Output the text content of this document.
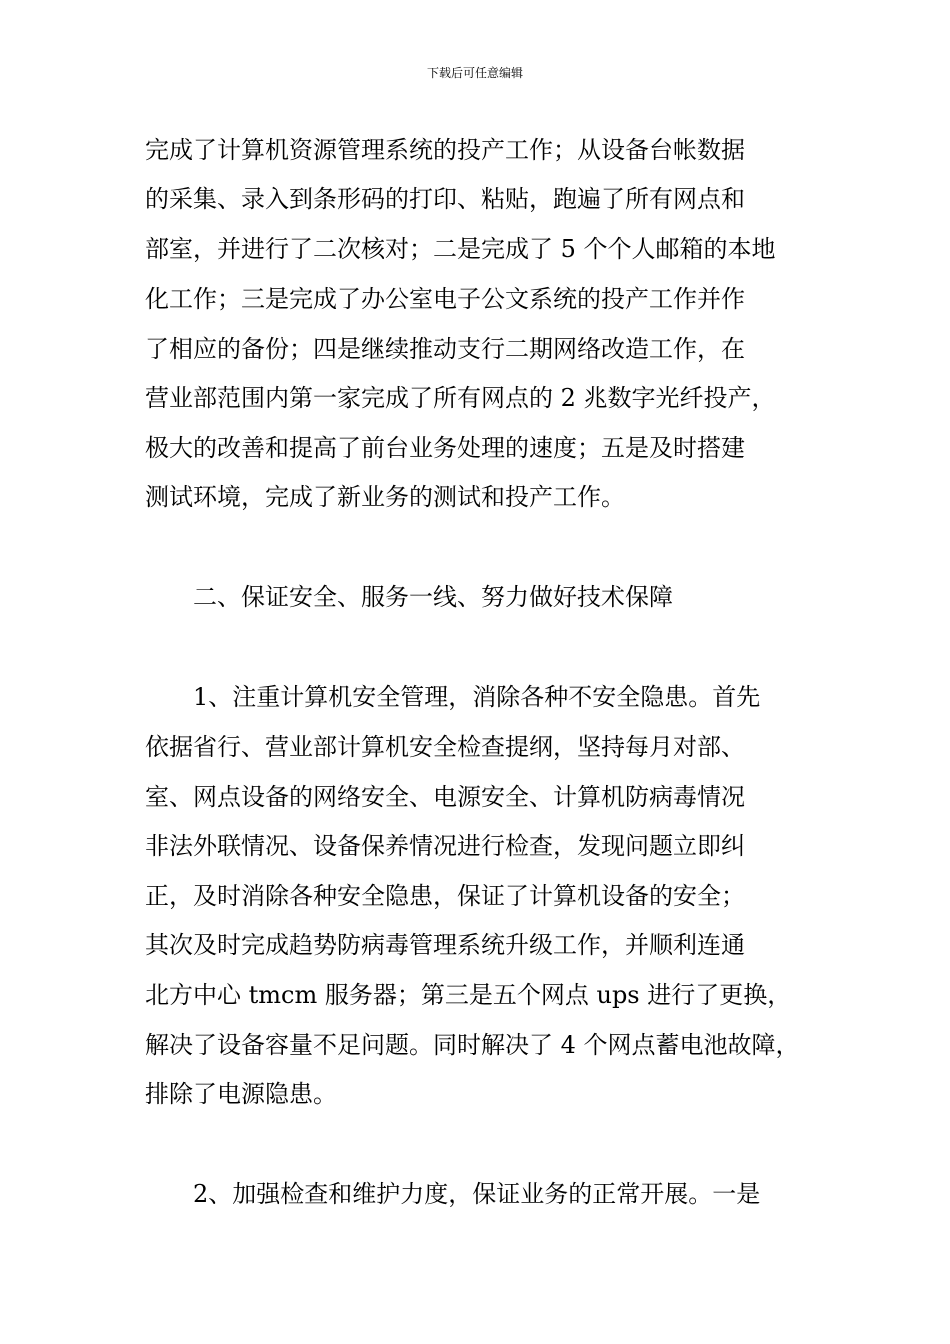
下载后可任意编辑
完成了计算机资源管理系统的投产工作；从设备台帐数据
的采集、录入到条形码的打印、粘贴，跑遍了所有网点和
部室，并进行了二次核对；二是完成了 5 个个人邮箱的本地
化工作；三是完成了办公室电子公文系统的投产工作并作
了相应的备份；四是继续推动支行二期网络改造工作，在
营业部范围内第一家完成了所有网点的 2 兆数字光纤投产，
极大的改善和提高了前台业务处理的速度；五是及时搭建
测试环境，完成了新业务的测试和投产工作。
二、保证安全、服务一线、努力做好技术保障
1、注重计算机安全管理，消除各种不安全隐患。首先
依据省行、营业部计算机安全检查提纲，坚持每月对部、
室、网点设备的网络安全、电源安全、计算机防病毒情况
非法外联情况、设备保养情况进行检查，发现问题立即纠
正，及时消除各种安全隐患，保证了计算机设备的安全；
其次及时完成趋势防病毒管理系统升级工作，并顺利连通
北方中心 tmcm 服务器；第三是五个网点 ups 进行了更换，
解决了设备容量不足问题。同时解决了 4 个网点蓄电池故障，
排除了电源隐患。
2、加强检查和维护力度，保证业务的正常开展。一是
